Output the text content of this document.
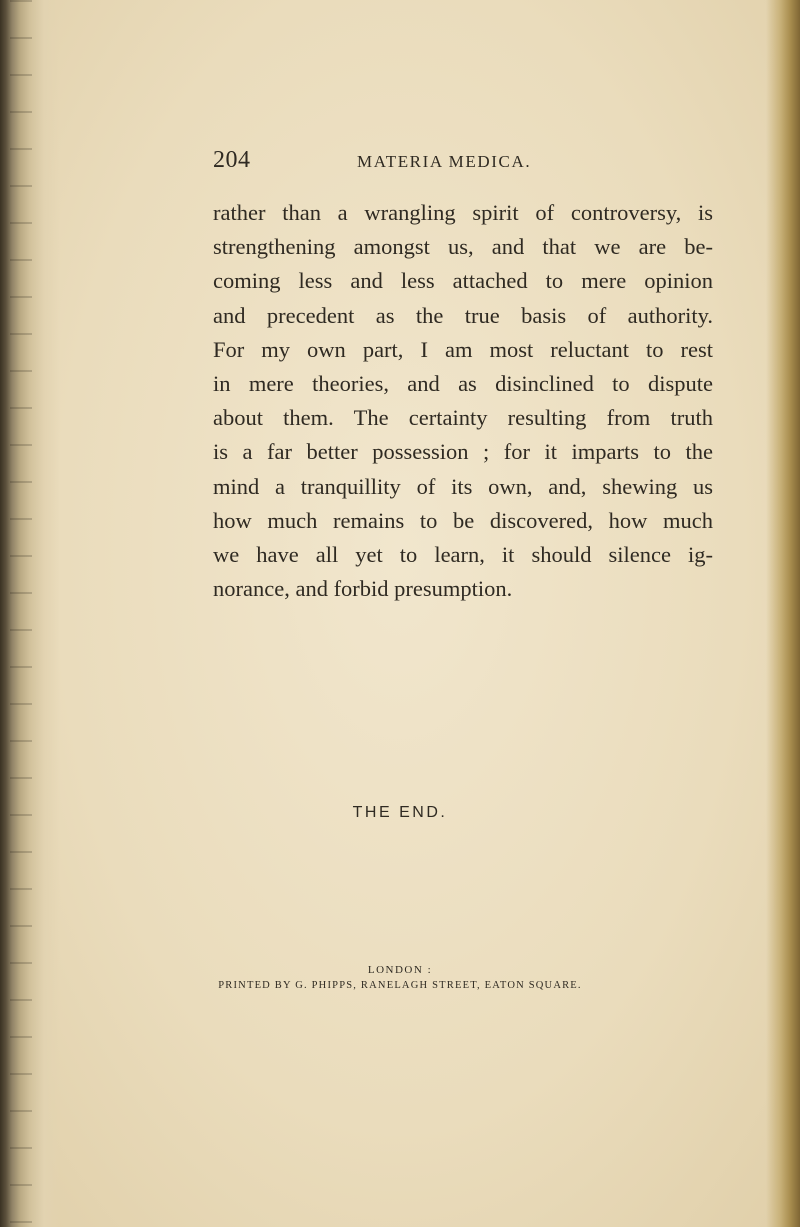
204	MATERIA MEDICA.
rather than a wrangling spirit of controversy, is
strengthening amongst us, and that we are be-
coming less and less attached to mere opinion
and precedent as the true basis of authority.
For my own part, I am most reluctant to rest
in mere theories, and as disinclined to dispute
about them. The certainty resulting from truth
is a far better possession ; for it imparts to the
mind a tranquillity of its own, and, shewing us
how much remains to be discovered, how much
we have all yet to learn, it should silence ig-
norance, and forbid presumption.
THE END.
LONDON :
PRINTED BY G. PHIPPS, RANELAGH STREET, EATON SQUARE.
